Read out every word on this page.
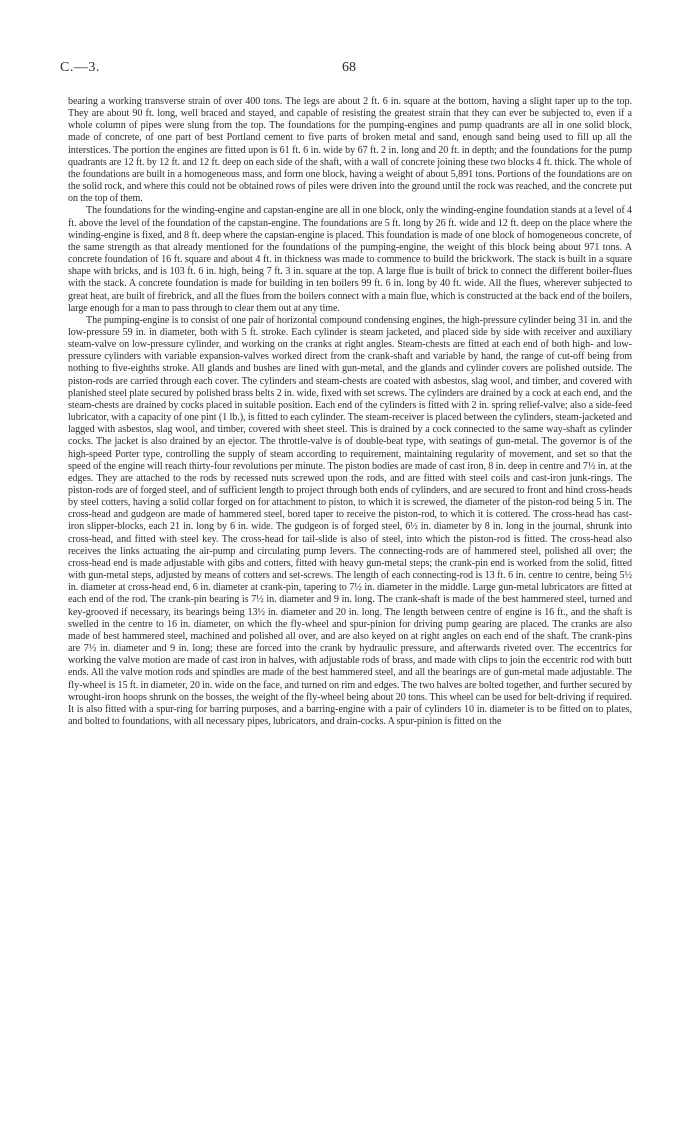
C.—3.	68

bearing a working transverse strain of over 400 tons. The legs are about 2 ft. 6 in. square at the bottom, having a slight taper up to the top. They are about 90 ft. long, well braced and stayed, and capable of resisting the greatest strain that they can ever be subjected to, even if a whole column of pipes were slung from the top. The foundations for the pumping-engines and pump quadrants are all in one solid block, made of concrete, of one part of best Portland cement to five parts of broken metal and sand, enough sand being used to fill up all the interstices. The portion the engines are fitted upon is 61 ft. 6 in. wide by 67 ft. 2 in. long and 20 ft. in depth; and the foundations for the pump quadrants are 12 ft. by 12 ft. and 12 ft. deep on each side of the shaft, with a wall of concrete joining these two blocks 4 ft. thick. The whole of the foundations are built in a homogeneous mass, and form one block, having a weight of about 5,891 tons. Portions of the foundations are on the solid rock, and where this could not be obtained rows of piles were driven into the ground until the rock was reached, and the concrete put on the top of them.

The foundations for the winding-engine and capstan-engine are all in one block, only the winding-engine foundation stands at a level of 4 ft. above the level of the foundation of the capstan-engine. The foundations are 5 ft. long by 26 ft. wide and 12 ft. deep on the place where the winding-engine is fixed, and 8 ft. deep where the capstan-engine is placed. This foundation is made of one block of homogeneous concrete, of the same strength as that already mentioned for the foundations of the pumping-engine, the weight of this block being about 971 tons. A concrete foundation of 16 ft. square and about 4 ft. in thickness was made to commence to build the brickwork. The stack is built in a square shape with bricks, and is 103 ft. 6 in. high, being 7 ft. 3 in. square at the top. A large flue is built of brick to connect the different boiler-flues with the stack. A concrete foundation is made for building in ten boilers 99 ft. 6 in. long by 40 ft. wide. All the flues, wherever subjected to great heat, are built of firebrick, and all the flues from the boilers connect with a main flue, which is constructed at the back end of the boilers, large enough for a man to pass through to clear them out at any time.

The pumping-engine is to consist of one pair of horizontal compound condensing engines, the high-pressure cylinder being 31 in. and the low-pressure 59 in. in diameter, both with 5 ft. stroke. Each cylinder is steam jacketed, and placed side by side with receiver and auxiliary steam-valve on low-pressure cylinder, and working on the cranks at right angles. Steam-chests are fitted at each end of both high- and low-pressure cylinders with variable expansion-valves worked direct from the crank-shaft and variable by hand, the range of cut-off being from nothing to five-eighths stroke. All glands and bushes are lined with gun-metal, and the glands and cylinder covers are polished outside. The piston-rods are carried through each cover. The cylinders and steam-chests are coated with asbestos, slag wool, and timber, and covered with planished steel plate secured by polished brass belts 2 in. wide, fixed with set screws. The cylinders are drained by a cock at each end, and the steam-chests are drained by cocks placed in suitable position. Each end of the cylinders is fitted with 2 in. spring relief-valve; also a side-feed lubricator, with a capacity of one pint (1 lb.), is fitted to each cylinder. The steam-receiver is placed between the cylinders, steam-jacketed and lagged with asbestos, slag wool, and timber, covered with sheet steel. This is drained by a cock connected to the same way-shaft as cylinder cocks. The jacket is also drained by an ejector. The throttle-valve is of double-beat type, with seatings of gun-metal. The governor is of the high-speed Porter type, controlling the supply of steam according to requirement, maintaining regularity of movement, and set so that the speed of the engine will reach thirty-four revolutions per minute. The piston bodies are made of cast iron, 8 in. deep in centre and 7½ in. at the edges. They are attached to the rods by recessed nuts screwed upon the rods, and are fitted with steel coils and cast-iron junk-rings. The piston-rods are of forged steel, and of sufficient length to project through both ends of cylinders, and are secured to front and hind cross-heads by steel cotters, having a solid collar forged on for attachment to piston, to which it is screwed, the diameter of the piston-rod being 5 in. The cross-head and gudgeon are made of hammered steel, bored taper to receive the piston-rod, to which it is cottered. The cross-head has cast-iron slipper-blocks, each 21 in. long by 6 in. wide. The gudgeon is of forged steel, 6½ in. diameter by 8 in. long in the journal, shrunk into cross-head, and fitted with steel key. The cross-head for tail-slide is also of steel, into which the piston-rod is fitted. The cross-head also receives the links actuating the air-pump and circulating pump levers. The connecting-rods are of hammered steel, polished all over; the cross-head end is made adjustable with gibs and cotters, fitted with heavy gun-metal steps; the crank-pin end is worked from the solid, fitted with gun-metal steps, adjusted by means of cotters and set-screws. The length of each connecting-rod is 13 ft. 6 in. centre to centre, being 5½ in. diameter at cross-head end, 6 in. diameter at crank-pin, tapering to 7½ in. diameter in the middle. Large gun-metal lubricators are fitted at each end of the rod. The crank-pin bearing is 7½ in. diameter and 9 in. long. The crank-shaft is made of the best hammered steel, turned and key-grooved if necessary, its bearings being 13½ in. diameter and 20 in. long. The length between centre of engine is 16 ft., and the shaft is swelled in the centre to 16 in. diameter, on which the fly-wheel and spur-pinion for driving pump gearing are placed. The cranks are also made of best hammered steel, machined and polished all over, and are also keyed on at right angles on each end of the shaft. The crank-pins are 7½ in. diameter and 9 in. long; these are forced into the crank by hydraulic pressure, and afterwards riveted over. The eccentrics for working the valve motion are made of cast iron in halves, with adjustable rods of brass, and made with clips to join the eccentric rod with butt ends. All the valve motion rods and spindles are made of the best hammered steel, and all the bearings are of gun-metal made adjustable. The fly-wheel is 15 ft. in diameter, 20 in. wide on the face, and turned on rim and edges. The two halves are bolted together, and further secured by wrought-iron hoops shrunk on the bosses, the weight of the fly-wheel being about 20 tons. This wheel can be used for belt-driving if required. It is also fitted with a spur-ring for barring purposes, and a barring-engine with a pair of cylinders 10 in. diameter is to be fitted on to plates, and bolted to foundations, with all necessary pipes, lubricators, and drain-cocks. A spur-pinion is fitted on the
